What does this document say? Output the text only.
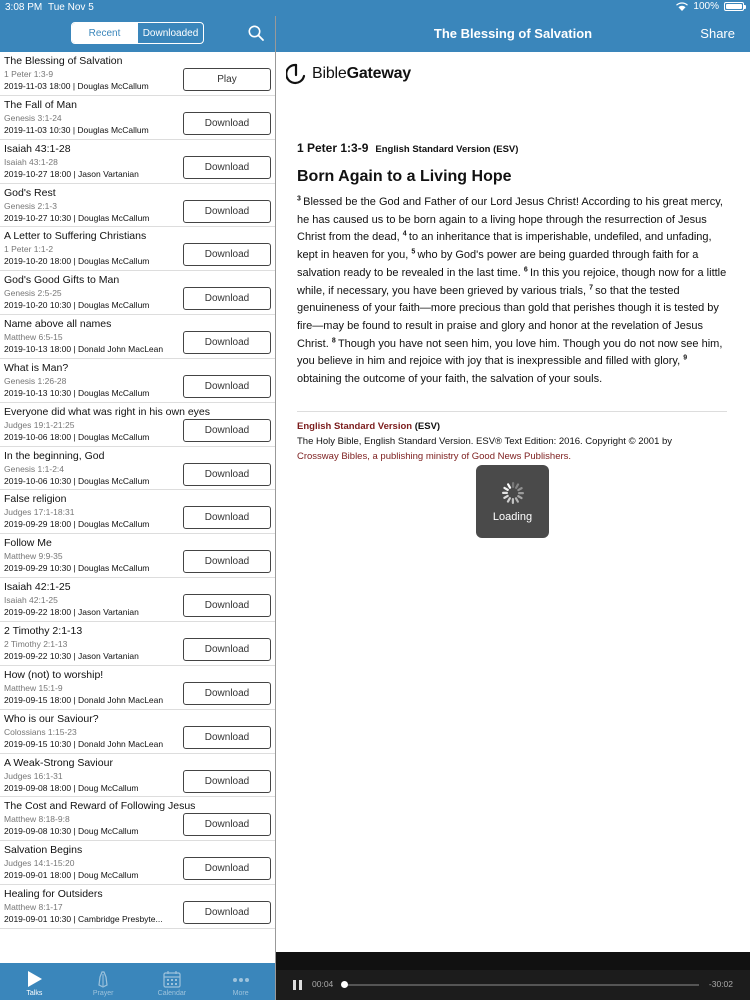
3:08 PM Tue Nov 5	100%
Recent	Downloaded	The Blessing of Salvation	Share
The Blessing of Salvation
1 Peter 1:3-9
2019-11-03 18:00 | Douglas McCallum
Play
The Fall of Man
Genesis 3:1-24
2019-11-03 10:30 | Douglas McCallum
Download
Isaiah 43:1-28
Isaiah 43:1-28
2019-10-27 18:00 | Jason Vartanian
Download
God's Rest
Genesis 2:1-3
2019-10-27 10:30 | Douglas McCallum
Download
A Letter to Suffering Christians
1 Peter 1:1-2
2019-10-20 18:00 | Douglas McCallum
Download
God's Good Gifts to Man
Genesis 2:5-25
2019-10-20 10:30 | Douglas McCallum
Download
Name above all names
Matthew 6:5-15
2019-10-13 18:00 | Donald John MacLean
Download
What is Man?
Genesis 1:26-28
2019-10-13 10:30 | Douglas McCallum
Download
Everyone did what was right in his own eyes
Judges 19:1-21:25
2019-10-06 18:00 | Douglas McCallum
Download
In the beginning, God
Genesis 1:1-2:4
2019-10-06 10:30 | Douglas McCallum
Download
False religion
Judges 17:1-18:31
2019-09-29 18:00 | Douglas McCallum
Download
Follow Me
Matthew 9:9-35
2019-09-29 10:30 | Douglas McCallum
Download
Isaiah 42:1-25
Isaiah 42:1-25
2019-09-22 18:00 | Jason Vartanian
Download
2 Timothy 2:1-13
2 Timothy 2:1-13
2019-09-22 10:30 | Jason Vartanian
Download
How (not) to worship!
Matthew 15:1-9
2019-09-15 18:00 | Donald John MacLean
Download
Who is our Saviour?
Colossians 1:15-23
2019-09-15 10:30 | Donald John MacLean
Download
A Weak-Strong Saviour
Judges 16:1-31
2019-09-08 18:00 | Doug McCallum
Download
The Cost and Reward of Following Jesus
Matthew 8:18-9:8
2019-09-08 10:30 | Doug McCallum
Download
Salvation Begins
Judges 14:1-15:20
2019-09-01 18:00 | Doug McCallum
Download
Healing for Outsiders
Matthew 8:1-17
2019-09-01 10:30 | Cambridge Presbyte...
Download
Talks	Prayer	Calendar	More
BibleGateway
1 Peter 1:3-9 English Standard Version (ESV)
Born Again to a Living Hope
$^3$  Blessed be the God and Father of our Lord Jesus Christ! According to his great mercy, he has caused us to be born again to a living hope through the resurrection of Jesus Christ from the dead, $^4$  to an inheritance that is imperishable, undefiled, and unfading, kept in heaven for you, $^5$  who by God's power are being guarded through faith for a salvation ready to be revealed in the last time. $^6$  In this you rejoice, though now for a little while, if necessary, you have been grieved by various trials, $^7$  so that the tested genuineness of your faith—more precious than gold that perishes though it is tested by fire—may be found to result in praise and glory and honor at the revelation of Jesus Christ. $^8$  Though you have not seen him, you love him. Though you do not now see him, you believe in him and rejoice with joy that is inexpressible and filled with glory, $^9$ obtaining the outcome of your faith, the salvation of your souls.
English Standard Version (ESV)
The Holy Bible, English Standard Version. ESV® Text Edition: 2016. Copyright © 2001 by
Crossway Bibles, a publishing ministry of Good News Publishers.
Loading
00:04	-30:02
